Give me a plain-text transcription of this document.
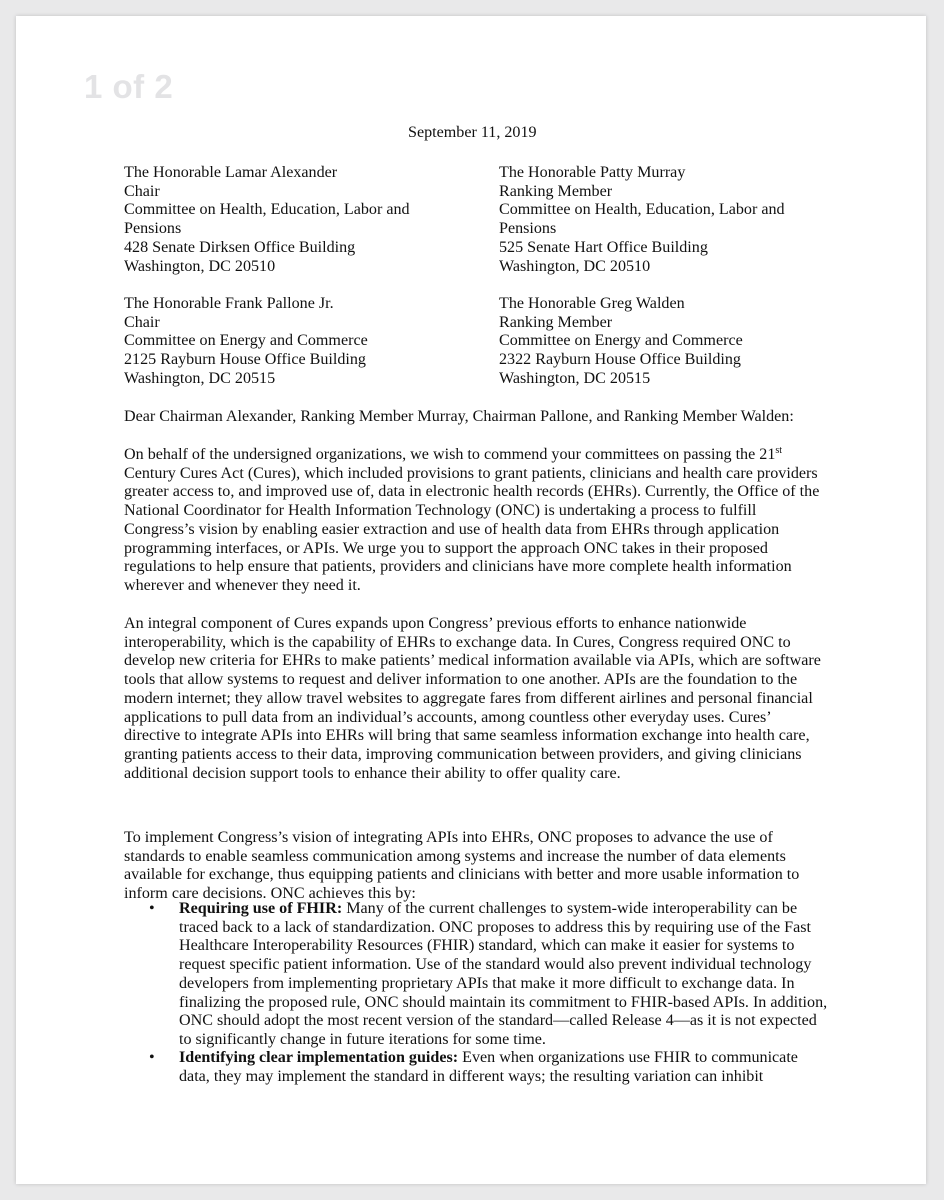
1 of 2
September 11, 2019
The Honorable Lamar Alexander
Chair
Committee on Health, Education, Labor and
Pensions
428 Senate Dirksen Office Building
Washington, DC 20510
The Honorable Patty Murray
Ranking Member
Committee on Health, Education, Labor and
Pensions
525 Senate Hart Office Building
Washington, DC 20510
The Honorable Frank Pallone Jr.
Chair
Committee on Energy and Commerce
2125 Rayburn House Office Building
Washington, DC 20515
The Honorable Greg Walden
Ranking Member
Committee on Energy and Commerce
2322 Rayburn House Office Building
Washington, DC 20515
Dear Chairman Alexander, Ranking Member Murray, Chairman Pallone, and Ranking Member Walden:
On behalf of the undersigned organizations, we wish to commend your committees on passing the 21st Century Cures Act (Cures), which included provisions to grant patients, clinicians and health care providers greater access to, and improved use of, data in electronic health records (EHRs). Currently, the Office of the National Coordinator for Health Information Technology (ONC) is undertaking a process to fulfill Congress’s vision by enabling easier extraction and use of health data from EHRs through application programming interfaces, or APIs. We urge you to support the approach ONC takes in their proposed regulations to help ensure that patients, providers and clinicians have more complete health information wherever and whenever they need it.
An integral component of Cures expands upon Congress’ previous efforts to enhance nationwide interoperability, which is the capability of EHRs to exchange data. In Cures, Congress required ONC to develop new criteria for EHRs to make patients’ medical information available via APIs, which are software tools that allow systems to request and deliver information to one another. APIs are the foundation to the modern internet; they allow travel websites to aggregate fares from different airlines and personal financial applications to pull data from an individual’s accounts, among countless other everyday uses. Cures’ directive to integrate APIs into EHRs will bring that same seamless information exchange into health care, granting patients access to their data, improving communication between providers, and giving clinicians additional decision support tools to enhance their ability to offer quality care.
To implement Congress’s vision of integrating APIs into EHRs, ONC proposes to advance the use of standards to enable seamless communication among systems and increase the number of data elements available for exchange, thus equipping patients and clinicians with better and more usable information to inform care decisions. ONC achieves this by:
• Requiring use of FHIR: Many of the current challenges to system-wide interoperability can be traced back to a lack of standardization. ONC proposes to address this by requiring use of the Fast Healthcare Interoperability Resources (FHIR) standard, which can make it easier for systems to request specific patient information. Use of the standard would also prevent individual technology developers from implementing proprietary APIs that make it more difficult to exchange data. In finalizing the proposed rule, ONC should maintain its commitment to FHIR-based APIs. In addition, ONC should adopt the most recent version of the standard—called Release 4—as it is not expected to significantly change in future iterations for some time.
• Identifying clear implementation guides: Even when organizations use FHIR to communicate data, they may implement the standard in different ways; the resulting variation can inhibit
